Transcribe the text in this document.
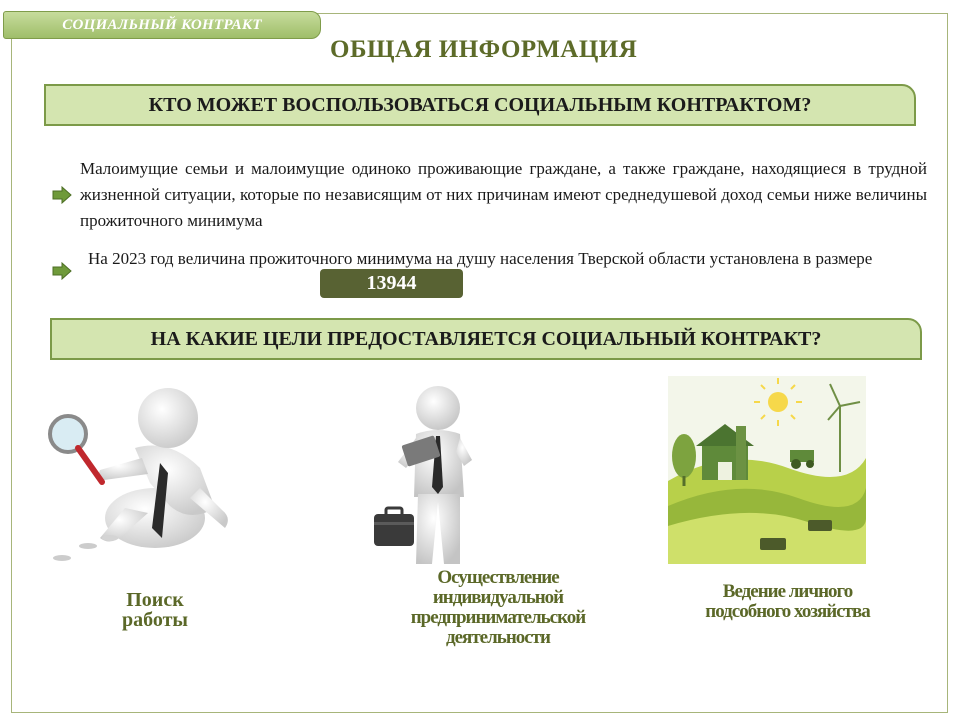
СОЦИАЛЬНЫЙ КОНТРАКТ
ОБЩАЯ ИНФОРМАЦИЯ
КТО МОЖЕТ ВОСПОЛЬЗОВАТЬСЯ СОЦИАЛЬНЫМ КОНТРАКТОМ?
Малоимущие семьи и малоимущие одиноко проживающие граждане, а также граждане, находящиеся в трудной жизненной ситуации, которые по независящим от них причинам имеют среднедушевой доход семьи ниже величины прожиточного минимума
На 2023 год величина прожиточного минимума на душу населения Тверской области установлена в размере
13944
НА КАКИЕ ЦЕЛИ ПРЕДОСТАВЛЯЕТСЯ СОЦИАЛЬНЫЙ КОНТРАКТ?
Поиск
работы
Осуществление
индивидуальной
предпринимательской
деятельности
Ведение личного
подсобного хозяйства
